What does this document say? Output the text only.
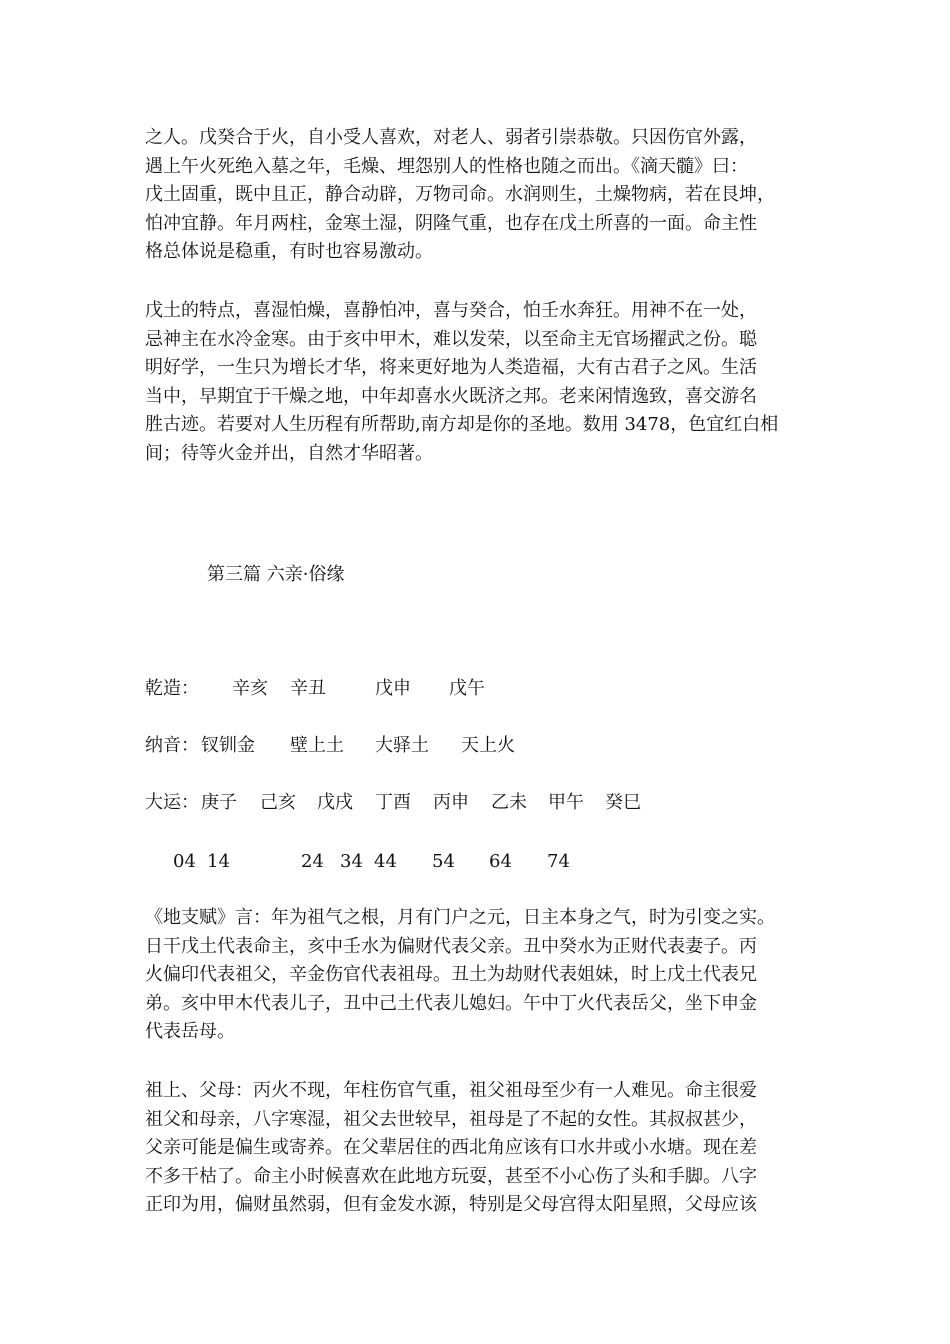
之人。戊癸合于火，自小受人喜欢，对老人、弱者引崇恭敬。只因伤官外露，
遇上午火死绝入墓之年，毛燥、埋怨别人的性格也随之而出。《滴天髓》曰：
戊土固重，既中且正，静合动辟，万物司命。水润则生，土燥物病，若在艮坤，
怕冲宜静。年月两柱，金寒土湿，阴隆气重，也存在戊土所喜的一面。命主性
格总体说是稳重，有时也容易激动。
戊土的特点，喜湿怕燥，喜静怕冲，喜与癸合，怕壬水奔狂。用神不在一处，
忌神主在水冷金寒。由于亥中甲木，难以发荣，以至命主无官场擢武之份。聪
明好学，一生只为增长才华，将来更好地为人类造福，大有古君子之风。生活
当中，早期宜于干燥之地，中年却喜水火既济之邦。老来闲情逸致，喜交游名
胜古迹。若要对人生历程有所帮助,南方却是你的圣地。数用 3478，色宜红白相
间；待等火金并出，自然才华昭著。
第三篇 六亲·俗缘
乾造： 辛亥 辛丑	戊申 戊午
纳音： 钗钏金 壁上土 大驿土 天上火
大运： 庚子 己亥 戊戌 丁酉 丙申 乙未 甲午 癸巳
04 14	24 34 44 54 64 74
《地支赋》言：年为祖气之根，月有门户之元，日主本身之气，时为引变之实。
日干戊土代表命主，亥中壬水为偏财代表父亲。丑中癸水为正财代表妻子。丙
火偏印代表祖父，辛金伤官代表祖母。丑土为劫财代表姐妹，时上戊土代表兄
弟。亥中甲木代表儿子，丑中己土代表儿媳妇。午中丁火代表岳父，坐下申金
代表岳母。
祖上、父母：丙火不现，年柱伤官气重，祖父祖母至少有一人难见。命主很爱
祖父和母亲，八字寒湿，祖父去世较早，祖母是了不起的女性。其叔叔甚少，
父亲可能是偏生或寄养。在父辈居住的西北角应该有口水井或小水塘。现在差
不多干枯了。命主小时候喜欢在此地方玩耍，甚至不小心伤了头和手脚。八字
正印为用，偏财虽然弱，但有金发水源，特别是父母宫得太阳星照，父母应该
